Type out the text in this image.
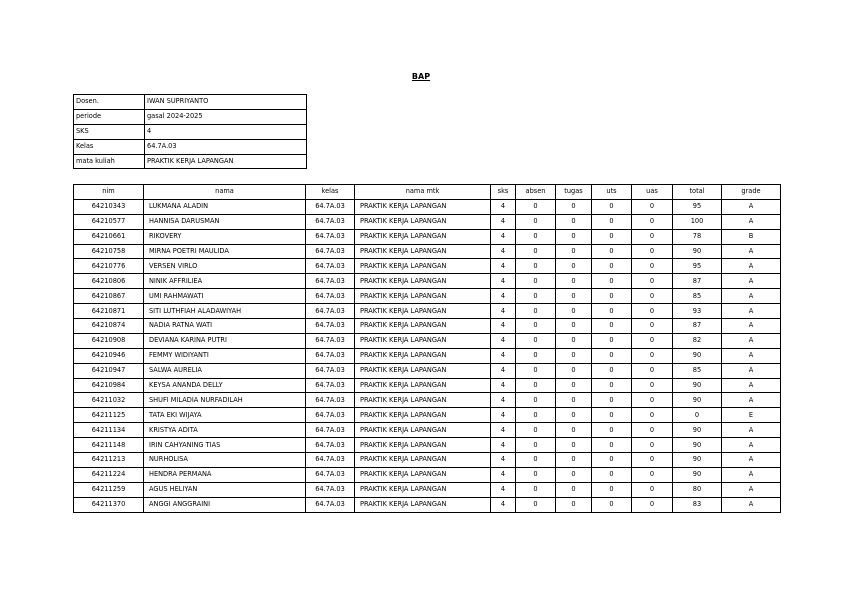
BAP
Dosen.	IWAN SUPRIYANTO
periode	gasal 2024-2025
SKS	4
Kelas	64.7A.03
mata kuliah	PRAKTIK KERJA LAPANGAN
nim	nama	kelas	nama mtk	sks	absen	tugas	uts	uas	total	grade
64210343	LUKMANA ALADIN	64.7A.03	PRAKTIK KERJA LAPANGAN	4	0	0	0	0	95	A
64210577	HANNISA DARUSMAN	64.7A.03	PRAKTIK KERJA LAPANGAN	4	0	0	0	0	100	A
64210661	RIKOVERY	64.7A.03	PRAKTIK KERJA LAPANGAN	4	0	0	0	0	78	B
64210758	MIRNA POETRI MAULIDA	64.7A.03	PRAKTIK KERJA LAPANGAN	4	0	0	0	0	90	A
64210776	VERSEN VIRLO	64.7A.03	PRAKTIK KERJA LAPANGAN	4	0	0	0	0	95	A
64210806	NINIK AFFRILIEA	64.7A.03	PRAKTIK KERJA LAPANGAN	4	0	0	0	0	87	A
64210867	UMI RAHMAWATI	64.7A.03	PRAKTIK KERJA LAPANGAN	4	0	0	0	0	85	A
64210871	SITI LUTHFIAH ALADAWIYAH	64.7A.03	PRAKTIK KERJA LAPANGAN	4	0	0	0	0	93	A
64210874	NADIA RATNA WATI	64.7A.03	PRAKTIK KERJA LAPANGAN	4	0	0	0	0	87	A
64210908	DEVIANA KARINA PUTRI	64.7A.03	PRAKTIK KERJA LAPANGAN	4	0	0	0	0	82	A
64210946	FEMMY WIDIYANTI	64.7A.03	PRAKTIK KERJA LAPANGAN	4	0	0	0	0	90	A
64210947	SALWA AURELIA	64.7A.03	PRAKTIK KERJA LAPANGAN	4	0	0	0	0	85	A
64210984	KEYSA ANANDA DELLY	64.7A.03	PRAKTIK KERJA LAPANGAN	4	0	0	0	0	90	A
64211032	SHUFI MILADIA NURFADILAH	64.7A.03	PRAKTIK KERJA LAPANGAN	4	0	0	0	0	90	A
64211125	TATA EKI WIJAYA	64.7A.03	PRAKTIK KERJA LAPANGAN	4	0	0	0	0	0	E
64211134	KRISTYA ADITA	64.7A.03	PRAKTIK KERJA LAPANGAN	4	0	0	0	0	90	A
64211148	IRIN CAHYANING TIAS	64.7A.03	PRAKTIK KERJA LAPANGAN	4	0	0	0	0	90	A
64211213	NURHOLISA	64.7A.03	PRAKTIK KERJA LAPANGAN	4	0	0	0	0	90	A
64211224	HENDRA PERMANA	64.7A.03	PRAKTIK KERJA LAPANGAN	4	0	0	0	0	90	A
64211259	AGUS HELIYAN	64.7A.03	PRAKTIK KERJA LAPANGAN	4	0	0	0	0	80	A
64211370	ANGGI ANGGRAINI	64.7A.03	PRAKTIK KERJA LAPANGAN	4	0	0	0	0	83	A
